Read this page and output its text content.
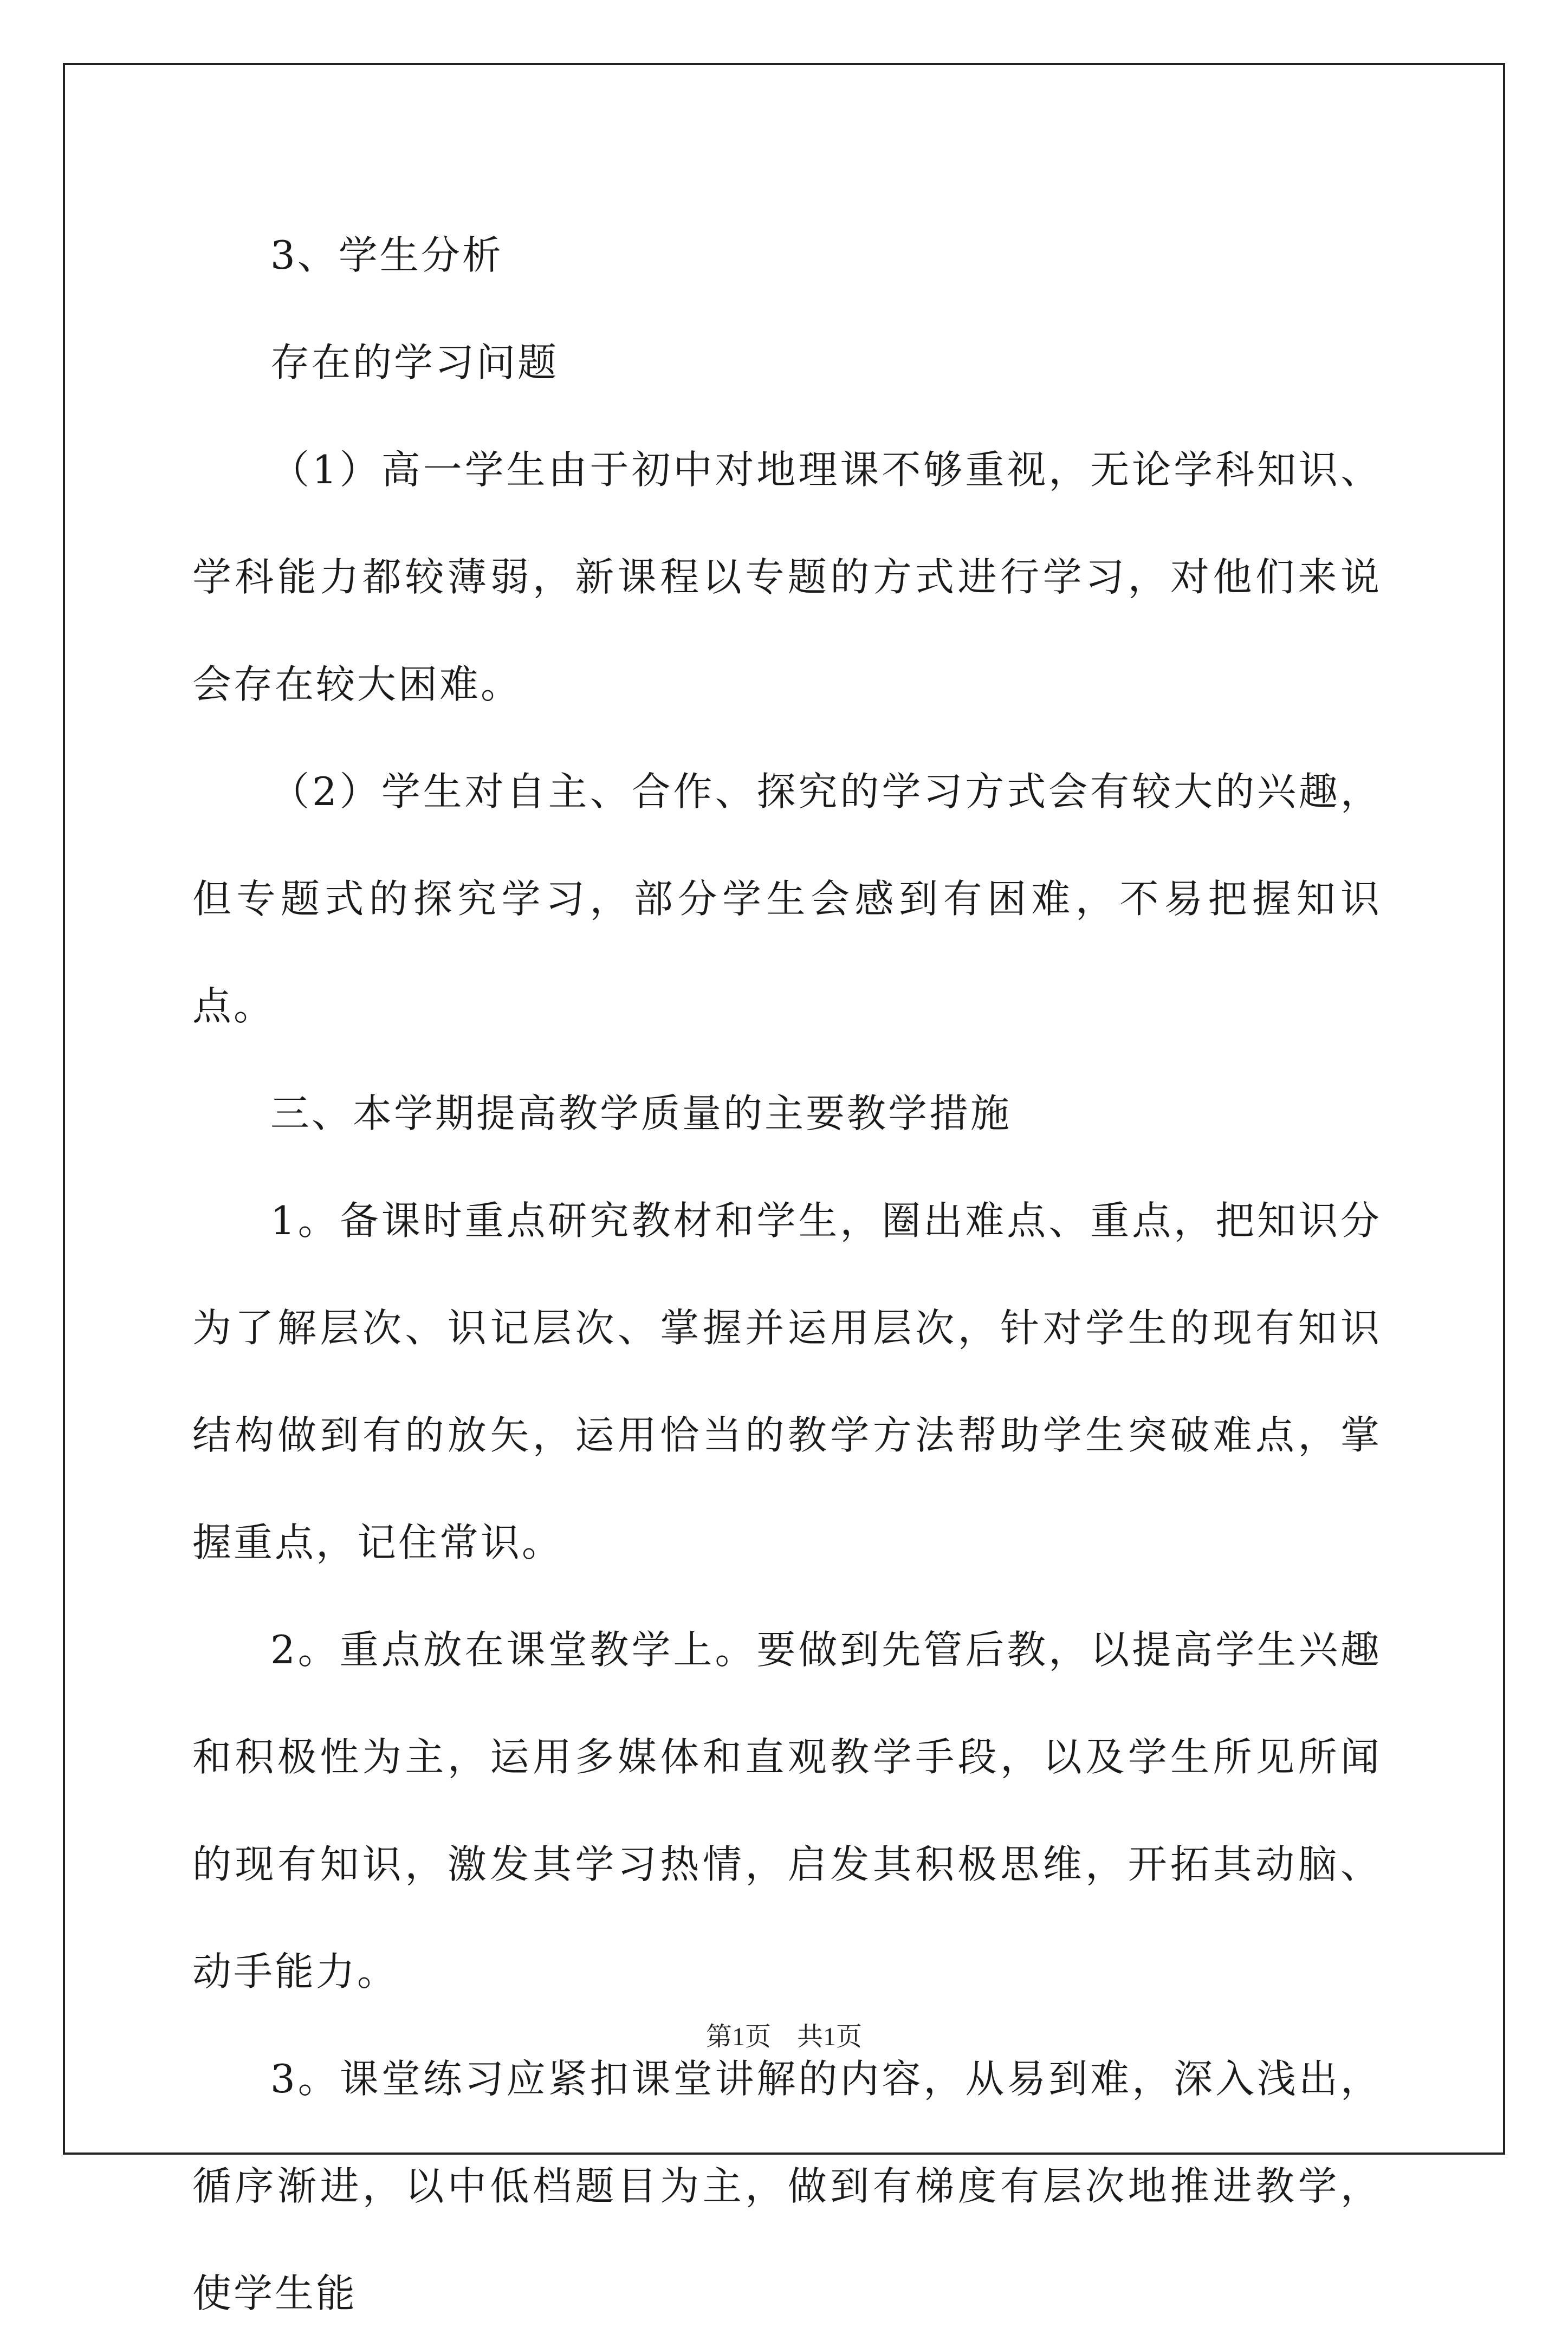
3、学生分析

存在的学习问题

（1）高一学生由于初中对地理课不够重视，无论学科知识、学科能力都较薄弱，新课程以专题的方式进行学习，对他们来说会存在较大困难。

（2）学生对自主、合作、探究的学习方式会有较大的兴趣，但专题式的探究学习，部分学生会感到有困难，不易把握知识点。

三、本学期提高教学质量的主要教学措施

1。备课时重点研究教材和学生，圈出难点、重点，把知识分为了解层次、识记层次、掌握并运用层次，针对学生的现有知识结构做到有的放矢，运用恰当的教学方法帮助学生突破难点，掌握重点，记住常识。

2。重点放在课堂教学上。要做到先管后教，以提高学生兴趣和积极性为主，运用多媒体和直观教学手段，以及学生所见所闻的现有知识，激发其学习热情，启发其积极思维，开拓其动脑、动手能力。

3。课堂练习应紧扣课堂讲解的内容，从易到难，深入浅出，循序渐进，以中低档题目为主，做到有梯度有层次地推进教学，使学生能

第1页 共1页
